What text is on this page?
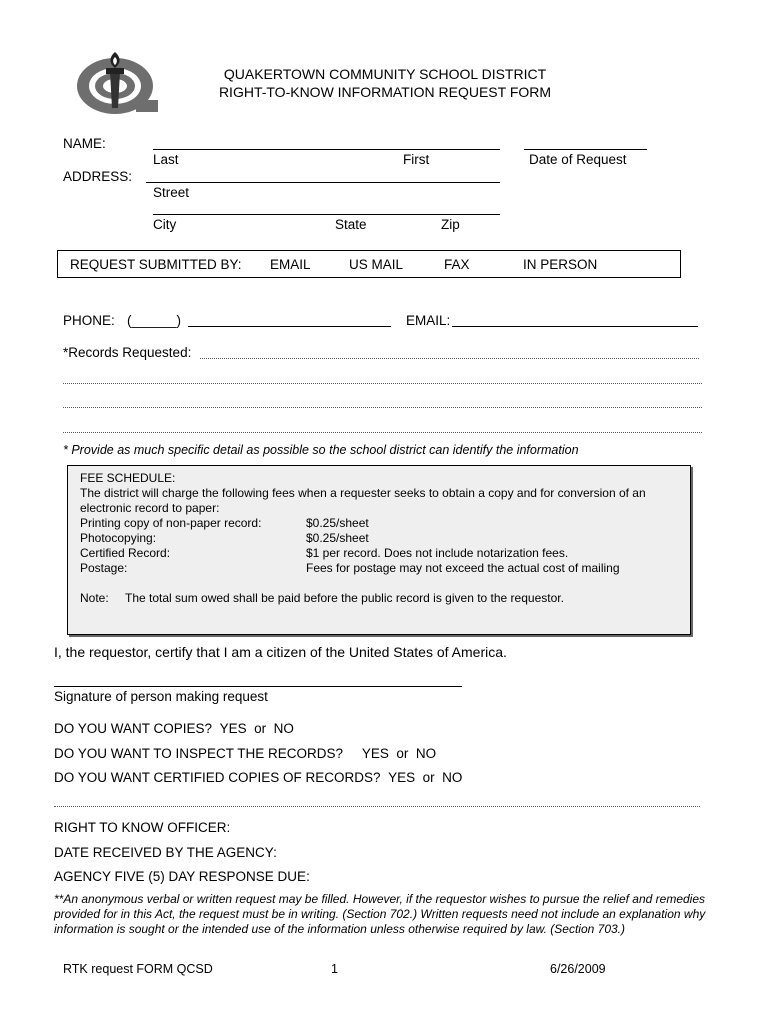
QUAKERTOWN COMMUNITY SCHOOL DISTRICT
RIGHT-TO-KNOW INFORMATION REQUEST FORM
NAME:
Last	First	Date of Request
ADDRESS:
Street
City	State	Zip
REQUEST SUBMITTED BY: EMAIL	US MAIL	FAX	IN PERSON
PHONE: (______)	EMAIL:
*Records Requested:
* Provide as much specific detail as possible so the school district can identify the information
FEE SCHEDULE:
The district will charge the following fees when a requester seeks to obtain a copy and for conversion of an
electronic record to paper:
Printing copy of non-paper record:	$0.25/sheet
Photocopying:	$0.25/sheet
Certified Record:	$1 per record. Does not include notarization fees.
Postage:	Fees for postage may not exceed the actual cost of mailing
Note: The total sum owed shall be paid before the public record is given to the requestor.
I, the requestor, certify that I am a citizen of the United States of America.
Signature of person making request
DO YOU WANT COPIES? YES or NO
DO YOU WANT TO INSPECT THE RECORDS? YES or NO
DO YOU WANT CERTIFIED COPIES OF RECORDS? YES or NO
RIGHT TO KNOW OFFICER:
DATE RECEIVED BY THE AGENCY:
AGENCY FIVE (5) DAY RESPONSE DUE:
**An anonymous verbal or written request may be filled. However, if the requestor wishes to pursue the relief and remedies provided for in this Act, the request must be in writing. (Section 702.) Written requests need not include an explanation why information is sought or the intended use of the information unless otherwise required by law. (Section 703.)
RTK request FORM QCSD	1	6/26/2009
